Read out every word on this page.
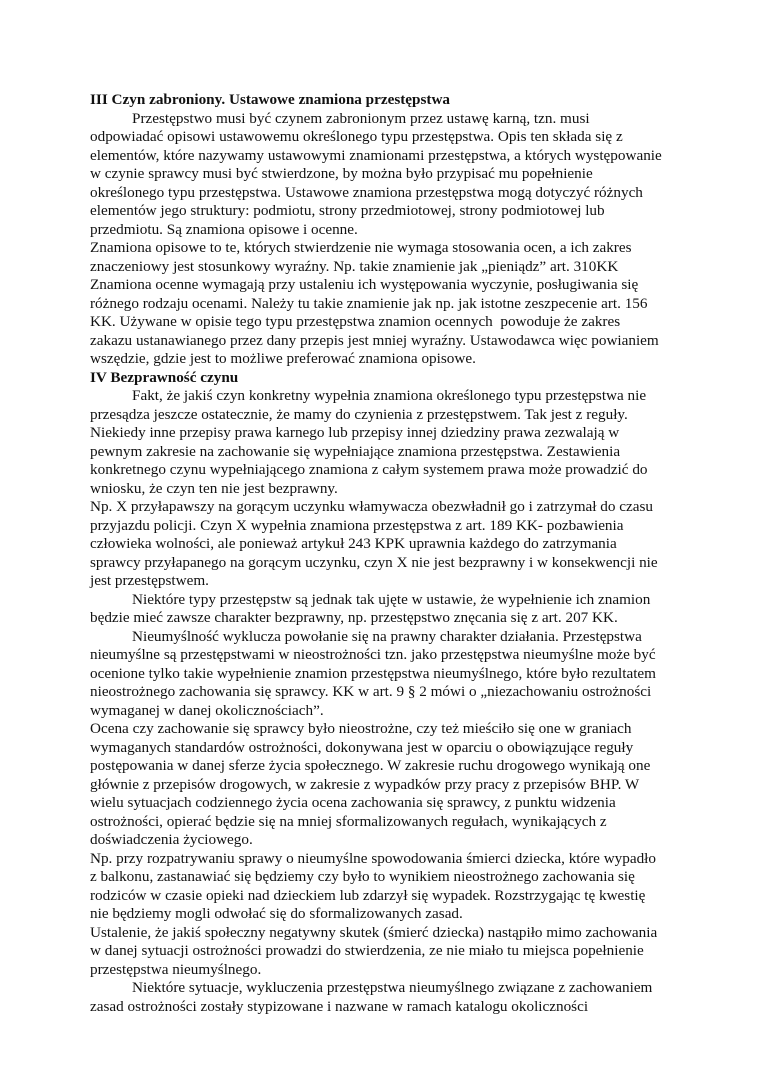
III Czyn zabroniony. Ustawowe znamiona przestępstwa
Przestępstwo musi być czynem zabronionym przez ustawę karną, tzn. musi
odpowiadać opisowi ustawowemu określonego typu przestępstwa. Opis ten składa się z
elementów, które nazywamy ustawowymi znamionami przestępstwa, a których występowanie
w czynie sprawcy musi być stwierdzone, by można było przypisać mu popełnienie
określonego typu przestępstwa. Ustawowe znamiona przestępstwa mogą dotyczyć różnych
elementów jego struktury: podmiotu, strony przedmiotowej, strony podmiotowej lub
przedmiotu. Są znamiona opisowe i ocenne.
Znamiona opisowe to te, których stwierdzenie nie wymaga stosowania ocen, a ich zakres
znaczeniowy jest stosunkowy wyraźny. Np. takie znamienie jak „pieniądz” art. 310KK
Znamiona ocenne wymagają przy ustaleniu ich występowania wyczynie, posługiwania się
różnego rodzaju ocenami. Należy tu takie znamienie jak np. jak istotne zeszpecenie art. 156
KK. Używane w opisie tego typu przestępstwa znamion ocennych  powoduje że zakres
zakazu ustanawianego przez dany przepis jest mniej wyraźny. Ustawodawca więc powianiem
wszędzie, gdzie jest to możliwe preferować znamiona opisowe.
IV Bezprawność czynu
Fakt, że jakiś czyn konkretny wypełnia znamiona określonego typu przestępstwa nie
przesądza jeszcze ostatecznie, że mamy do czynienia z przestępstwem. Tak jest z reguły.
Niekiedy inne przepisy prawa karnego lub przepisy innej dziedziny prawa zezwalają w
pewnym zakresie na zachowanie się wypełniające znamiona przestępstwa. Zestawienia
konkretnego czynu wypełniającego znamiona z całym systemem prawa może prowadzić do
wniosku, że czyn ten nie jest bezprawny.
Np. X przyłapawszy na gorącym uczynku włamywacza obezwładnił go i zatrzymał do czasu
przyjazdu policji. Czyn X wypełnia znamiona przestępstwa z art. 189 KK- pozbawienia
człowieka wolności, ale ponieważ artykuł 243 KPK uprawnia każdego do zatrzymania
sprawcy przyłapanego na gorącym uczynku, czyn X nie jest bezprawny i w konsekwencji nie
jest przestępstwem.
Niektóre typy przestępstw są jednak tak ujęte w ustawie, że wypełnienie ich znamion
będzie mieć zawsze charakter bezprawny, np. przestępstwo znęcania się z art. 207 KK.
Nieumyślność wyklucza powołanie się na prawny charakter działania. Przestępstwa
nieumyślne są przestępstwami w nieostrożności tzn. jako przestępstwa nieumyślne może być
ocenione tylko takie wypełnienie znamion przestępstwa nieumyślnego, które było rezultatem
nieostrożnego zachowania się sprawcy. KK w art. 9 § 2 mówi o „niezachowaniu ostrożności
wymaganej w danej okolicznościach”.
Ocena czy zachowanie się sprawcy było nieostrożne, czy też mieściło się one w graniach
wymaganych standardów ostrożności, dokonywana jest w oparciu o obowiązujące reguły
postępowania w danej sferze życia społecznego. W zakresie ruchu drogowego wynikają one
głównie z przepisów drogowych, w zakresie z wypadków przy pracy z przepisów BHP. W
wielu sytuacjach codziennego życia ocena zachowania się sprawcy, z punktu widzenia
ostrożności, opierać będzie się na mniej sformalizowanych regułach, wynikających z
doświadczenia życiowego.
Np. przy rozpatrywaniu sprawy o nieumyślne spowodowania śmierci dziecka, które wypadło
z balkonu, zastanawiać się będziemy czy było to wynikiem nieostrożnego zachowania się
rodziców w czasie opieki nad dzieckiem lub zdarzył się wypadek. Rozstrzygając tę kwestię
nie będziemy mogli odwołać się do sformalizowanych zasad.
Ustalenie, że jakiś społeczny negatywny skutek (śmierć dziecka) nastąpiło mimo zachowania
w danej sytuacji ostrożności prowadzi do stwierdzenia, ze nie miało tu miejsca popełnienie
przestępstwa nieumyślnego.
Niektóre sytuacje, wykluczenia przestępstwa nieumyślnego związane z zachowaniem
zasad ostrożności zostały stypizowane i nazwane w ramach katalogu okoliczności
